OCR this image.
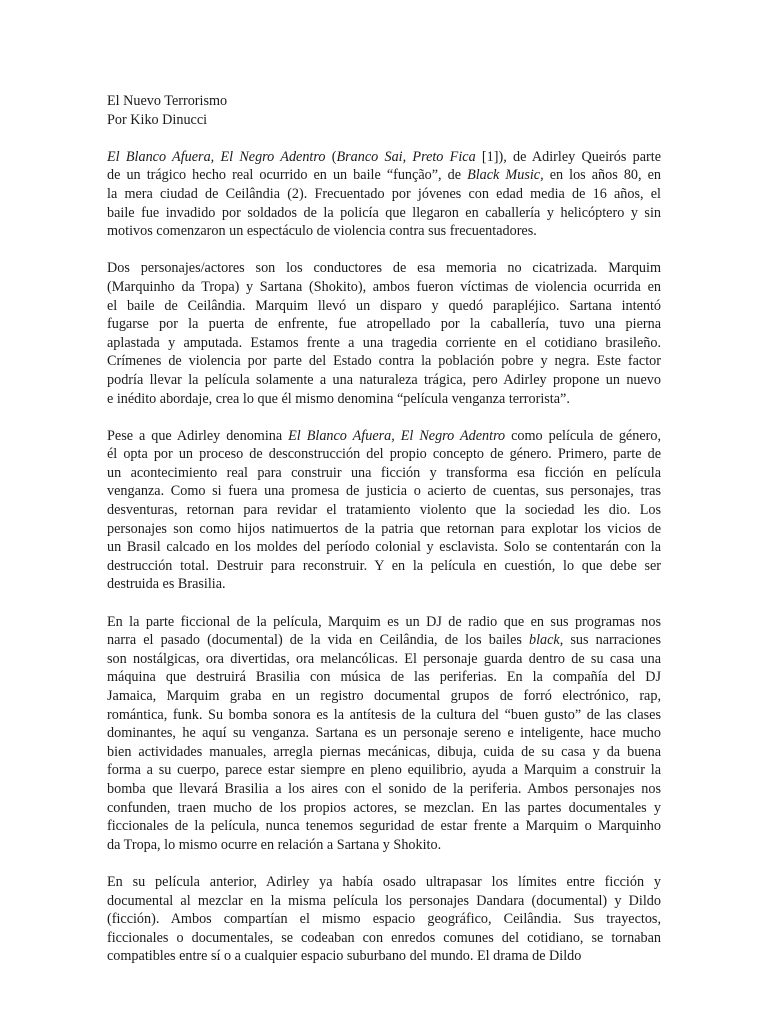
El Nuevo Terrorismo
Por Kiko Dinucci
El Blanco Afuera, El Negro Adentro (Branco Sai, Preto Fica [1]), de Adirley Queirós parte
de un trágico hecho real ocurrido en un baile “função”, de Black Music, en los años 80, en
la mera ciudad de Ceilândia (2). Frecuentado por jóvenes con edad media de 16 años, el
baile fue invadido por soldados de la policía que llegaron en caballería y helicóptero y sin
motivos comenzaron un espectáculo de violencia contra sus frecuentadores.
Dos personajes/actores son los conductores de esa memoria no cicatrizada. Marquim
(Marquinho da Tropa) y Sartana (Shokito), ambos fueron víctimas de violencia ocurrida en
el baile de Ceilândia. Marquim llevó un disparo y quedó parapléjico. Sartana intentó
fugarse por la puerta de enfrente, fue atropellado por la caballería, tuvo una pierna
aplastada y amputada. Estamos frente a una tragedia corriente en el cotidiano brasileño.
Crímenes de violencia por parte del Estado contra la población pobre y negra. Este factor
podría llevar la película solamente a una naturaleza trágica, pero Adirley propone un nuevo
e inédito abordaje, crea lo que él mismo denomina “película venganza terrorista”.
Pese a que Adirley denomina El Blanco Afuera, El Negro Adentro como película de género,
él opta por un proceso de desconstrucción del propio concepto de género. Primero, parte de
un acontecimiento real para construir una ficción y transforma esa ficción en película
venganza. Como si fuera una promesa de justicia o acierto de cuentas, sus personajes, tras
desventuras, retornan para revidar el tratamiento violento que la sociedad les dio. Los
personajes son como hijos natimuertos de la patria que retornan para explotar los vicios de
un Brasil calcado en los moldes del período colonial y esclavista. Solo se contentarán con la
destrucción total. Destruir para reconstruir. Y en la película en cuestión, lo que debe ser
destruida es Brasilia.
En la parte ficcional de la película, Marquim es un DJ de radio que en sus programas nos
narra el pasado (documental) de la vida en Ceilândia, de los bailes black, sus narraciones
son nostálgicas, ora divertidas, ora melancólicas. El personaje guarda dentro de su casa una
máquina que destruirá Brasilia con música de las periferias. En la compañía del DJ
Jamaica, Marquim graba en un registro documental grupos de forró electrónico, rap,
romántica, funk. Su bomba sonora es la antítesis de la cultura del “buen gusto” de las clases
dominantes, he aquí su venganza. Sartana es un personaje sereno e inteligente, hace mucho
bien actividades manuales, arregla piernas mecánicas, dibuja, cuida de su casa y da buena
forma a su cuerpo, parece estar siempre en pleno equilibrio, ayuda a Marquim a construir la
bomba que llevará Brasilia a los aires con el sonido de la periferia. Ambos personajes nos
confunden, traen mucho de los propios actores, se mezclan. En las partes documentales y
ficcionales de la película, nunca tenemos seguridad de estar frente a Marquim o Marquinho
da Tropa, lo mismo ocurre en relación a Sartana y Shokito.
En su película anterior, Adirley ya había osado ultrapasar los límites entre ficción y
documental al mezclar en la misma película los personajes Dandara (documental) y Dildo
(ficción). Ambos compartían el mismo espacio geográfico, Ceilândia. Sus trayectos,
ficcionales o documentales, se codeaban con enredos comunes del cotidiano, se tornaban
compatibles entre sí o a cualquier espacio suburbano del mundo. El drama de Dildo
